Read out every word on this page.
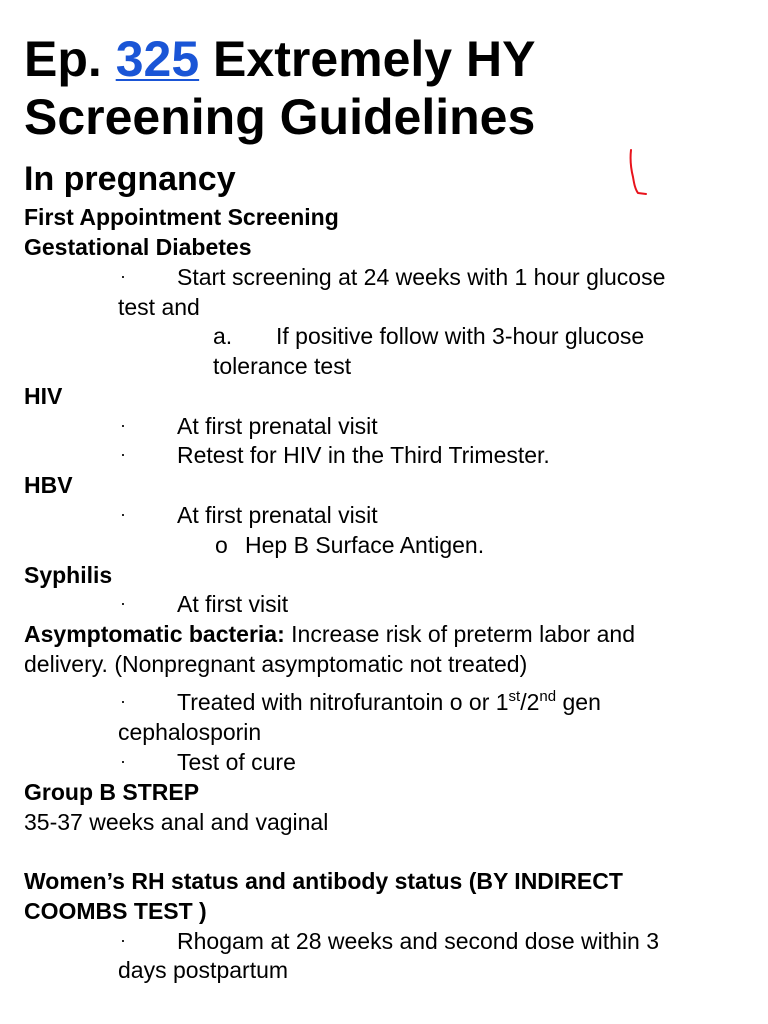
Ep. 325 Extremely HY
Screening Guidelines
In pregnancy
First Appointment Screening
Gestational Diabetes
· Start screening at 24 weeks with 1 hour glucose
test and
a. If positive follow with 3-hour glucose
tolerance test
HIV
· At first prenatal visit
· Retest for HIV in the Third Trimester.
HBV
· At first prenatal visit
o Hep B Surface Antigen.
Syphilis
· At first visit
Asymptomatic bacteria: Increase risk of preterm labor and
delivery. (Nonpregnant asymptomatic not treated)
· Treated with nitrofurantoin o or 1st/2nd gen
cephalosporin
· Test of cure
Group B STREP
35-37 weeks anal and vaginal
Women’s RH status and antibody status (BY INDIRECT
COOMBS TEST )
· Rhogam at 28 weeks and second dose within 3
days postpartum
